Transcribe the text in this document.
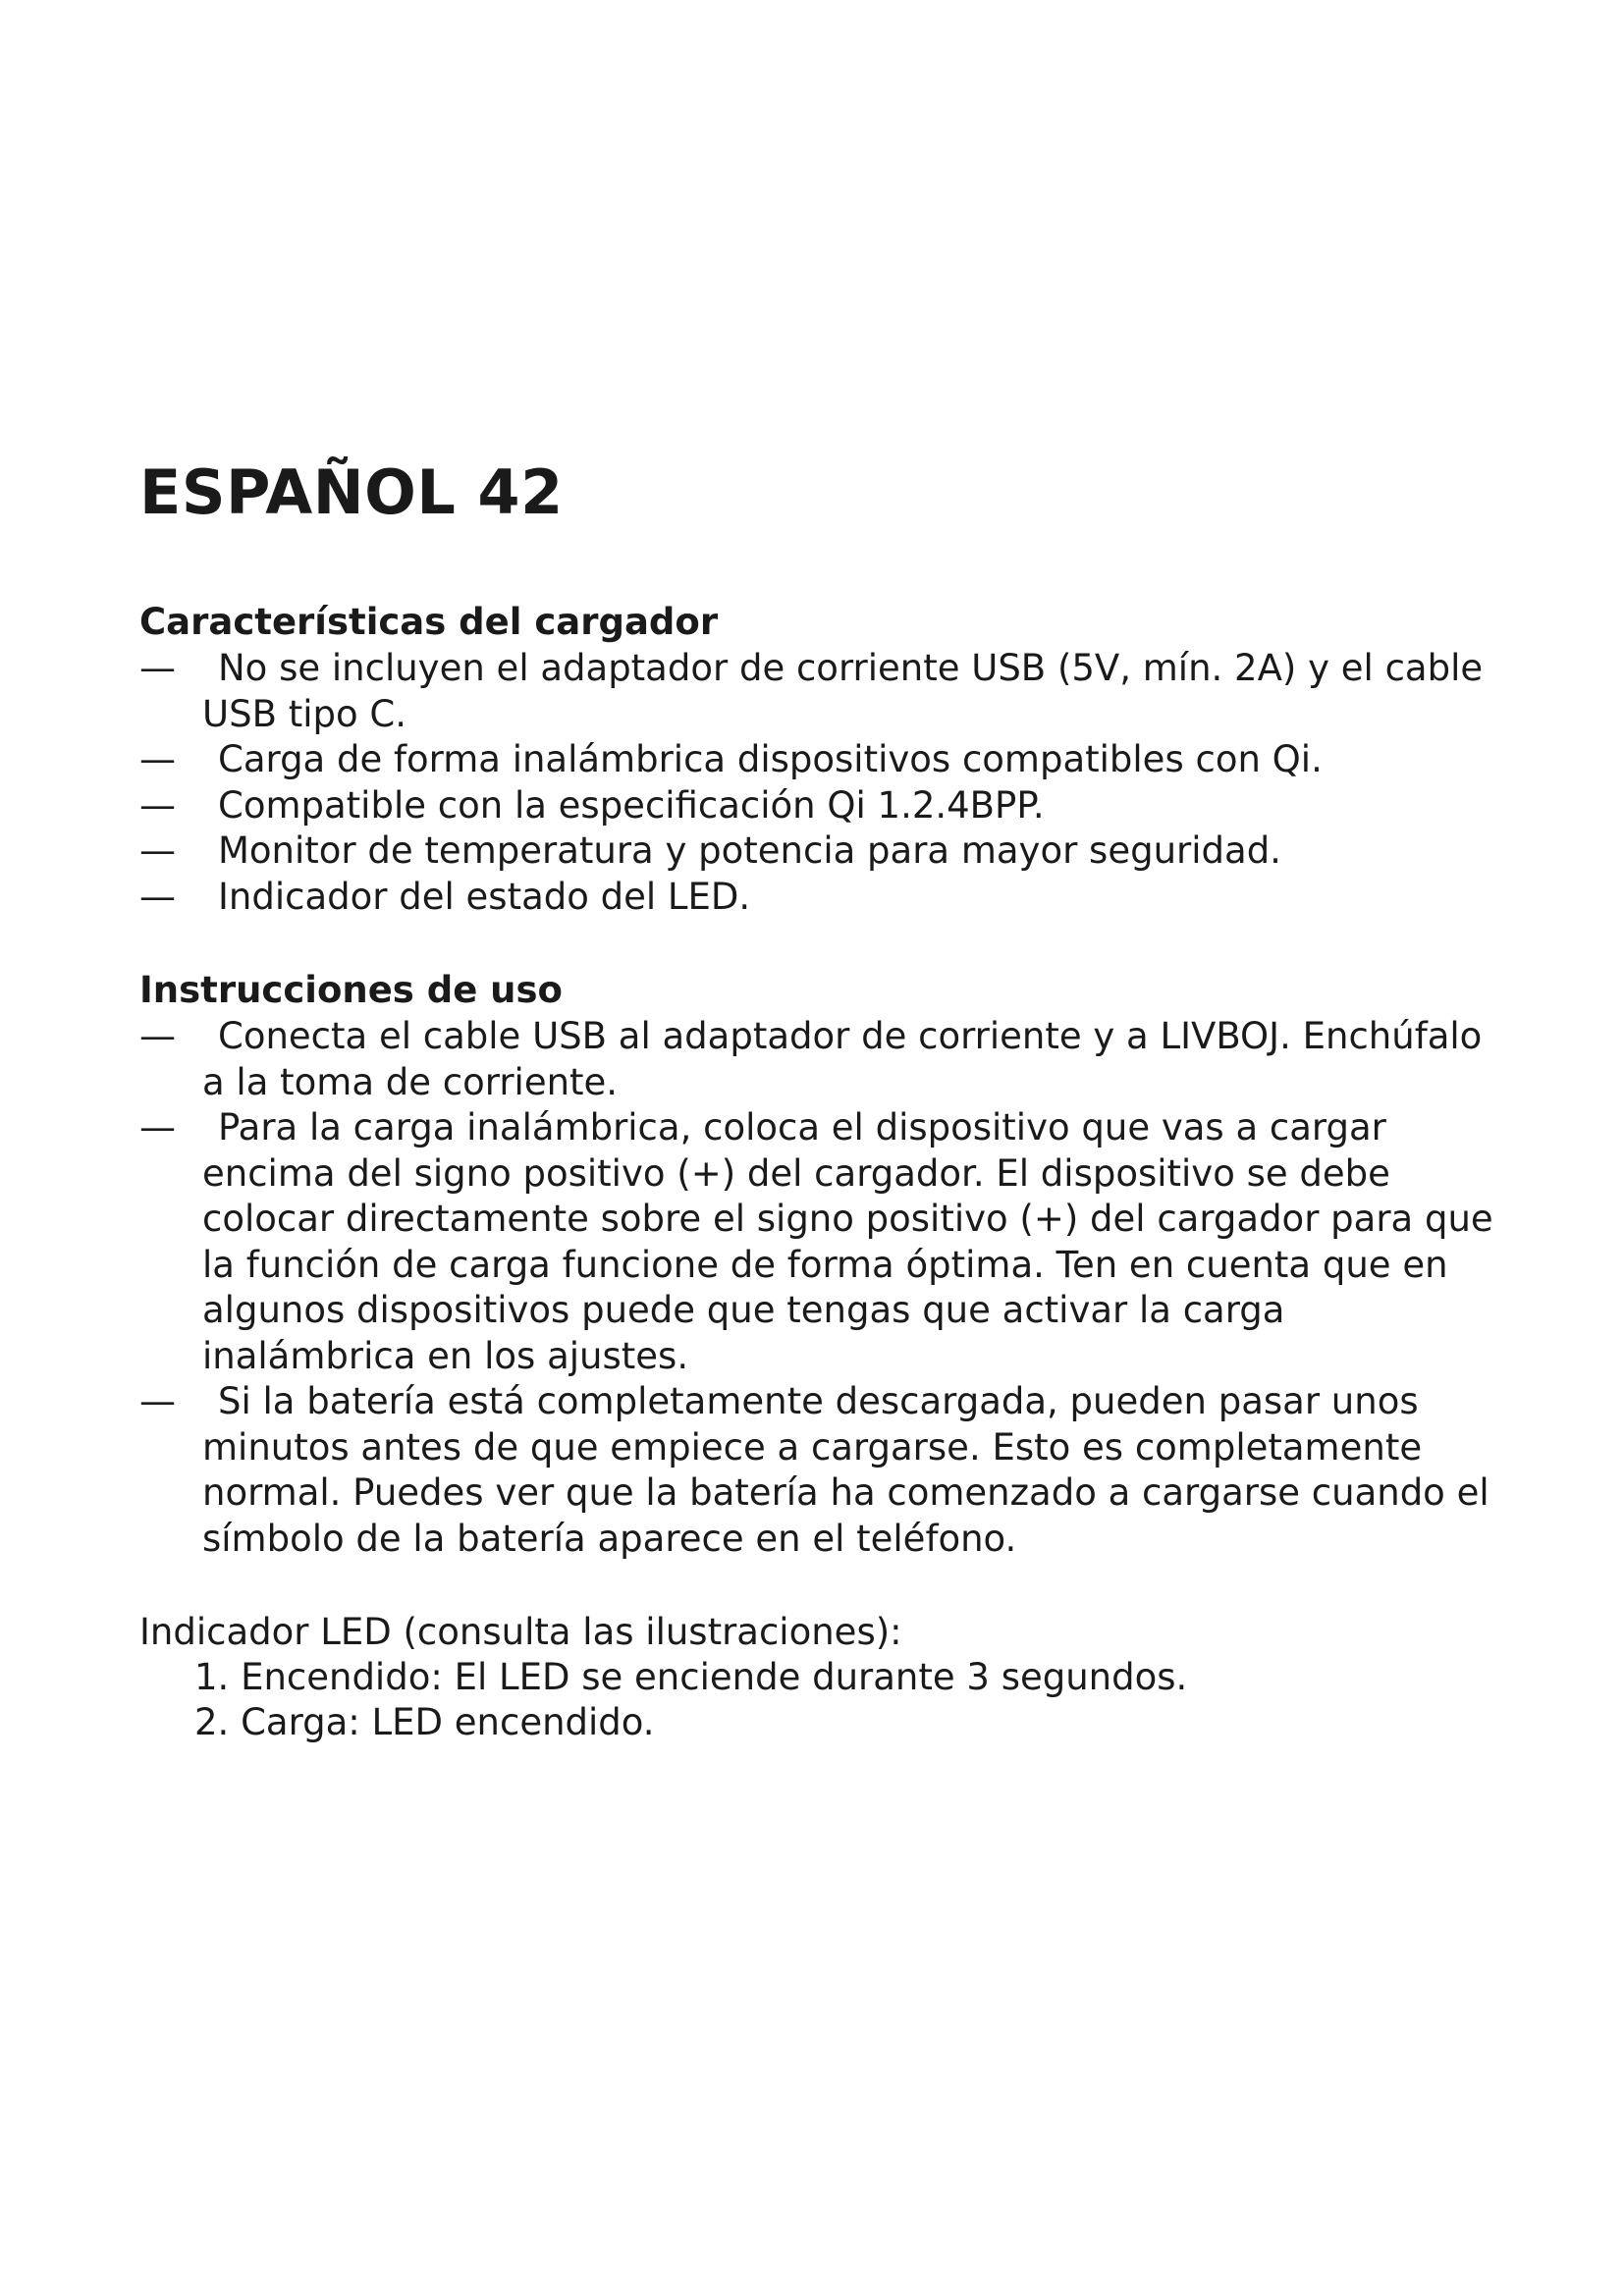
ESPAÑOL 42
Características del cargador
—	No se incluyen el adaptador de corriente USB (5V, mín. 2A) y el cable USB tipo C.
—	Carga de forma inalámbrica dispositivos compatibles con Qi.
—	Compatible con la especificación Qi 1.2.4BPP.
—	Monitor de temperatura y potencia para mayor seguridad.
—	Indicador del estado del LED.
Instrucciones de uso
—	Conecta el cable USB al adaptador de corriente y a LIVBOJ. Enchúfalo a la toma de corriente.
—	Para la carga inalámbrica, coloca el dispositivo que vas a cargar encima del signo positivo (+) del cargador. El dispositivo se debe colocar directamente sobre el signo positivo (+) del cargador para que la función de carga funcione de forma óptima. Ten en cuenta que en algunos dispositivos puede que tengas que activar la carga inalámbrica en los ajustes.
—	Si la batería está completamente descargada, pueden pasar unos minutos antes de que empiece a cargarse. Esto es completamente normal. Puedes ver que la batería ha comenzado a cargarse cuando el símbolo de la batería aparece en el teléfono.
Indicador LED (consulta las ilustraciones):
1. Encendido: El LED se enciende durante 3 segundos.
2. Carga: LED encendido.
